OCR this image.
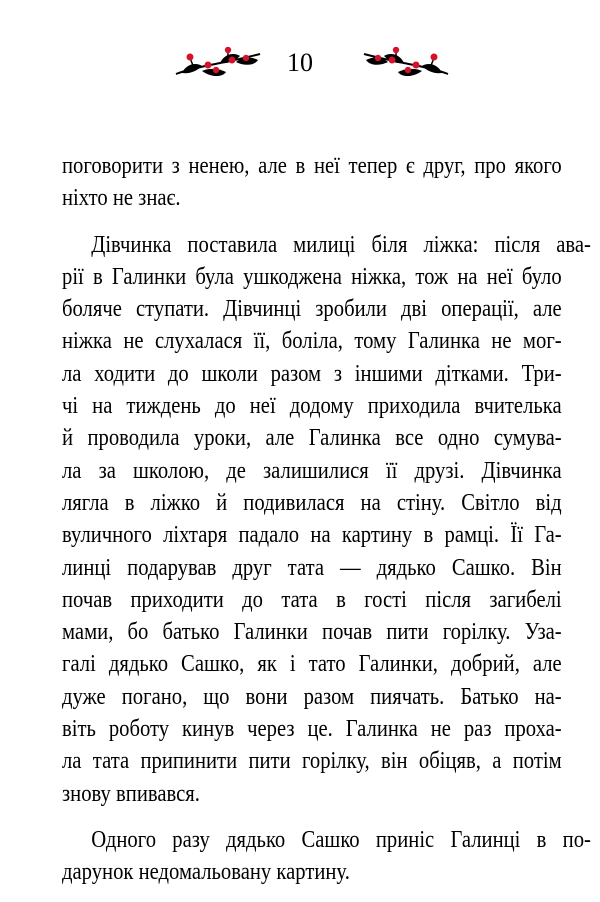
10
поговорити з ненею, але в неї тепер є друг, про якого
ніхто не знає.
Дівчинка поставила милиці біля ліжка: після ава-
рії в Галинки була ушкоджена ніжка, тож на неї було
боляче ступати. Дівчинці зробили дві операції, але
ніжка не слухалася її, боліла, тому Галинка не мог-
ла ходити до школи разом з іншими дітками. Три-
чі на тиждень до неї додому приходила вчителька
й проводила уроки, але Галинка все одно сумува-
ла за школою, де залишилися її друзі. Дівчинка
лягла в ліжко й подивилася на стіну. Світло від
вуличного ліхтаря падало на картину в рамці. Її Га-
линці подарував друг тата — дядько Сашко. Він
почав приходити до тата в гості після загибелі
мами, бо батько Галинки почав пити горілку. Уза-
галі дядько Сашко, як і тато Галинки, добрий, але
дуже погано, що вони разом пиячать. Батько на-
віть роботу кинув через це. Галинка не раз проха-
ла тата припинити пити горілку, він обіцяв, а потім
знову впивався.
Одного разу дядько Сашко приніс Галинці в по-
дарунок недомальовану картину.
